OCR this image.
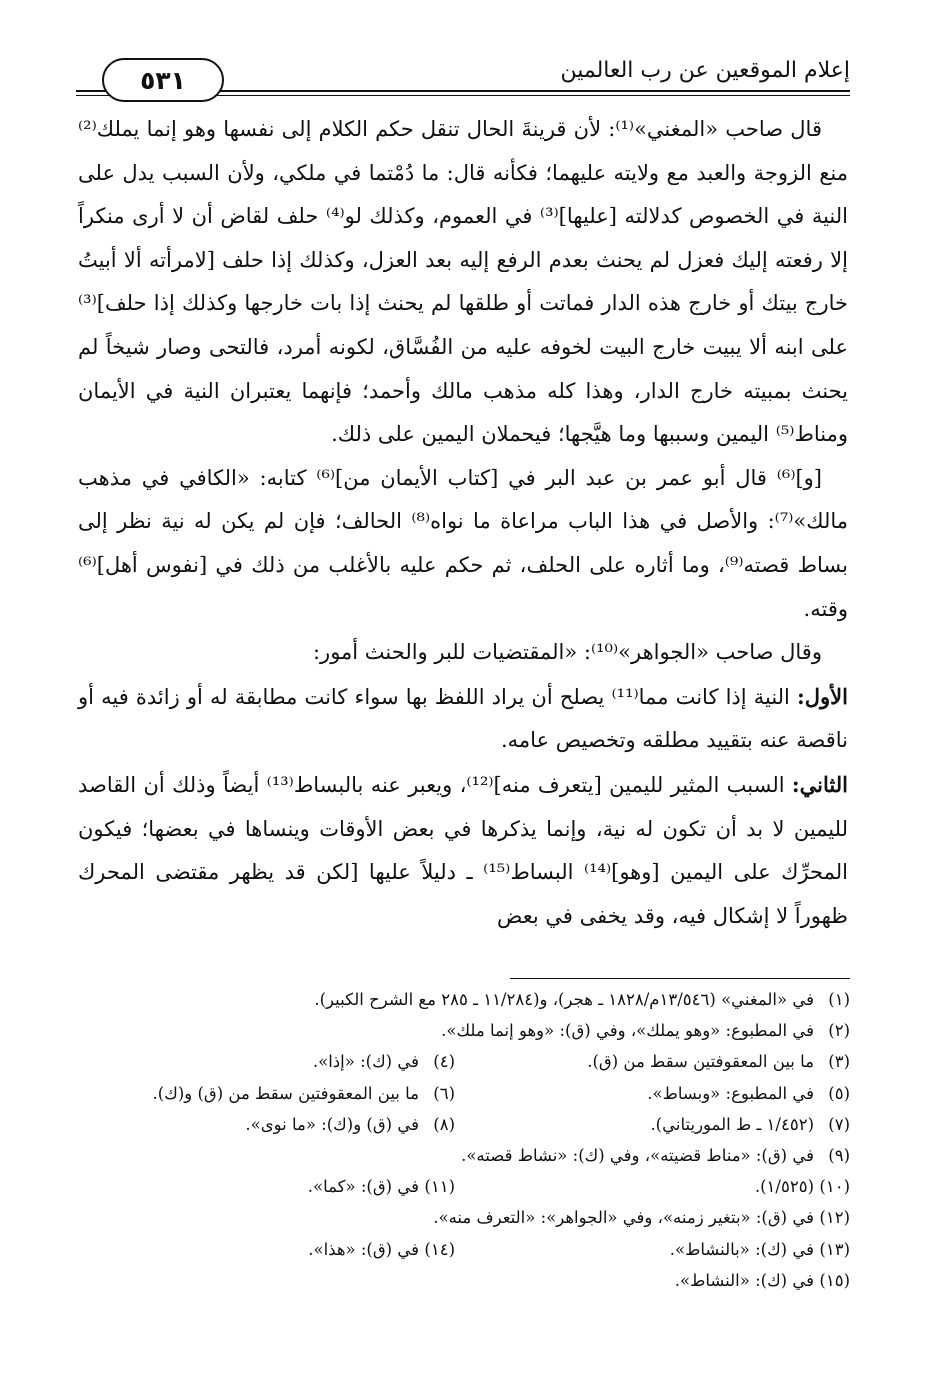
إعلام الموقعين عن رب العالمين
٥٣١

قال صاحب «المغني»⁽¹⁾: لأن قرينةَ الحال تنقل حكم الكلام إلى نفسها وهو إنما يملك⁽²⁾ منع الزوجة والعبد مع ولايته عليهما؛ فكأنه قال: ما دُمْتما في ملكي، ولأن السبب يدل على النية في الخصوص كدلالته [عليها]⁽³⁾ في العموم، وكذلك لو⁽⁴⁾ حلف لقاض أن لا أرى منكراً إلا رفعته إليك فعزل لم يحنث بعدم الرفع إليه بعد العزل، وكذلك إذا حلف [لامرأته ألا أبيتُ خارج بيتك أو خارج هذه الدار فماتت أو طلقها لم يحنث إذا بات خارجها وكذلك إذا حلف]⁽³⁾ على ابنه ألا يبيت خارج البيت لخوفه عليه من الفُسَّاق، لكونه أمرد، فالتحى وصار شيخاً لم يحنث بمبيته خارج الدار، وهذا كله مذهب مالك وأحمد؛ فإنهما يعتبران النية في الأيمان ومناط⁽⁵⁾ اليمين وسببها وما هيَّجها؛ فيحملان اليمين على ذلك.

[و]⁽⁶⁾ قال أبو عمر بن عبد البر في [كتاب الأيمان من]⁽⁶⁾ كتابه: «الكافي في مذهب مالك»⁽⁷⁾: والأصل في هذا الباب مراعاة ما نواه⁽⁸⁾ الحالف؛ فإن لم يكن له نية نظر إلى بساط قصته⁽⁹⁾، وما أثاره على الحلف، ثم حكم عليه بالأغلب من ذلك في [نفوس أهل]⁽⁶⁾ وقته.

وقال صاحب «الجواهر»⁽¹⁰⁾: «المقتضيات للبر والحنث أمور:

الأول: النية إذا كانت مما⁽¹¹⁾ يصلح أن يراد اللفظ بها سواء كانت مطابقة له أو زائدة فيه أو ناقصة عنه بتقييد مطلقه وتخصيص عامه.

الثاني: السبب المثير لليمين [يتعرف منه]⁽¹²⁾، ويعبر عنه بالبساط⁽¹³⁾ أيضاً وذلك أن القاصد لليمين لا بد أن تكون له نية، وإنما يذكرها في بعض الأوقات وينساها في بعضها؛ فيكون المحرِّك على اليمين [وهو]⁽¹⁴⁾ البساط⁽¹⁵⁾ ـ دليلاً عليها [لكن قد يظهر مقتضى المحرك ظهوراً لا إشكال فيه، وقد يخفى في بعض

(١)
في «المغني» (١٣/٥٤٦م/١٨٢٨ ـ هجر)، و(١١/٢٨٤ ـ ٢٨٥ مع الشرح الكبير).
(٢)
في المطبوع: «وهو يملك»، وفي (ق): «وهو إنما ملك».
(٣)
ما بين المعقوفتين سقط من (ق).
(٤)
في (ك): «إذا».
(٥)
في المطبوع: «وبساط».
(٦)
ما بين المعقوفتين سقط من (ق) و(ك).
(٧)
(١/٤٥٢ ـ ط الموريتاني).
(٨)
في (ق) و(ك): «ما نوى».
(٩)
في (ق): «مناط قضيته»، وفي (ك): «نشاط قصته».
(١٠)
(١/٥٢٥).
(١١)
في (ق): «كما».
(١٢)
في (ق): «بتغير زمنه»، وفي «الجواهر»: «التعرف منه».
(١٣)
في (ك): «بالنشاط».
(١٤)
في (ق): «هذا».
(١٥)
في (ك): «النشاط».
